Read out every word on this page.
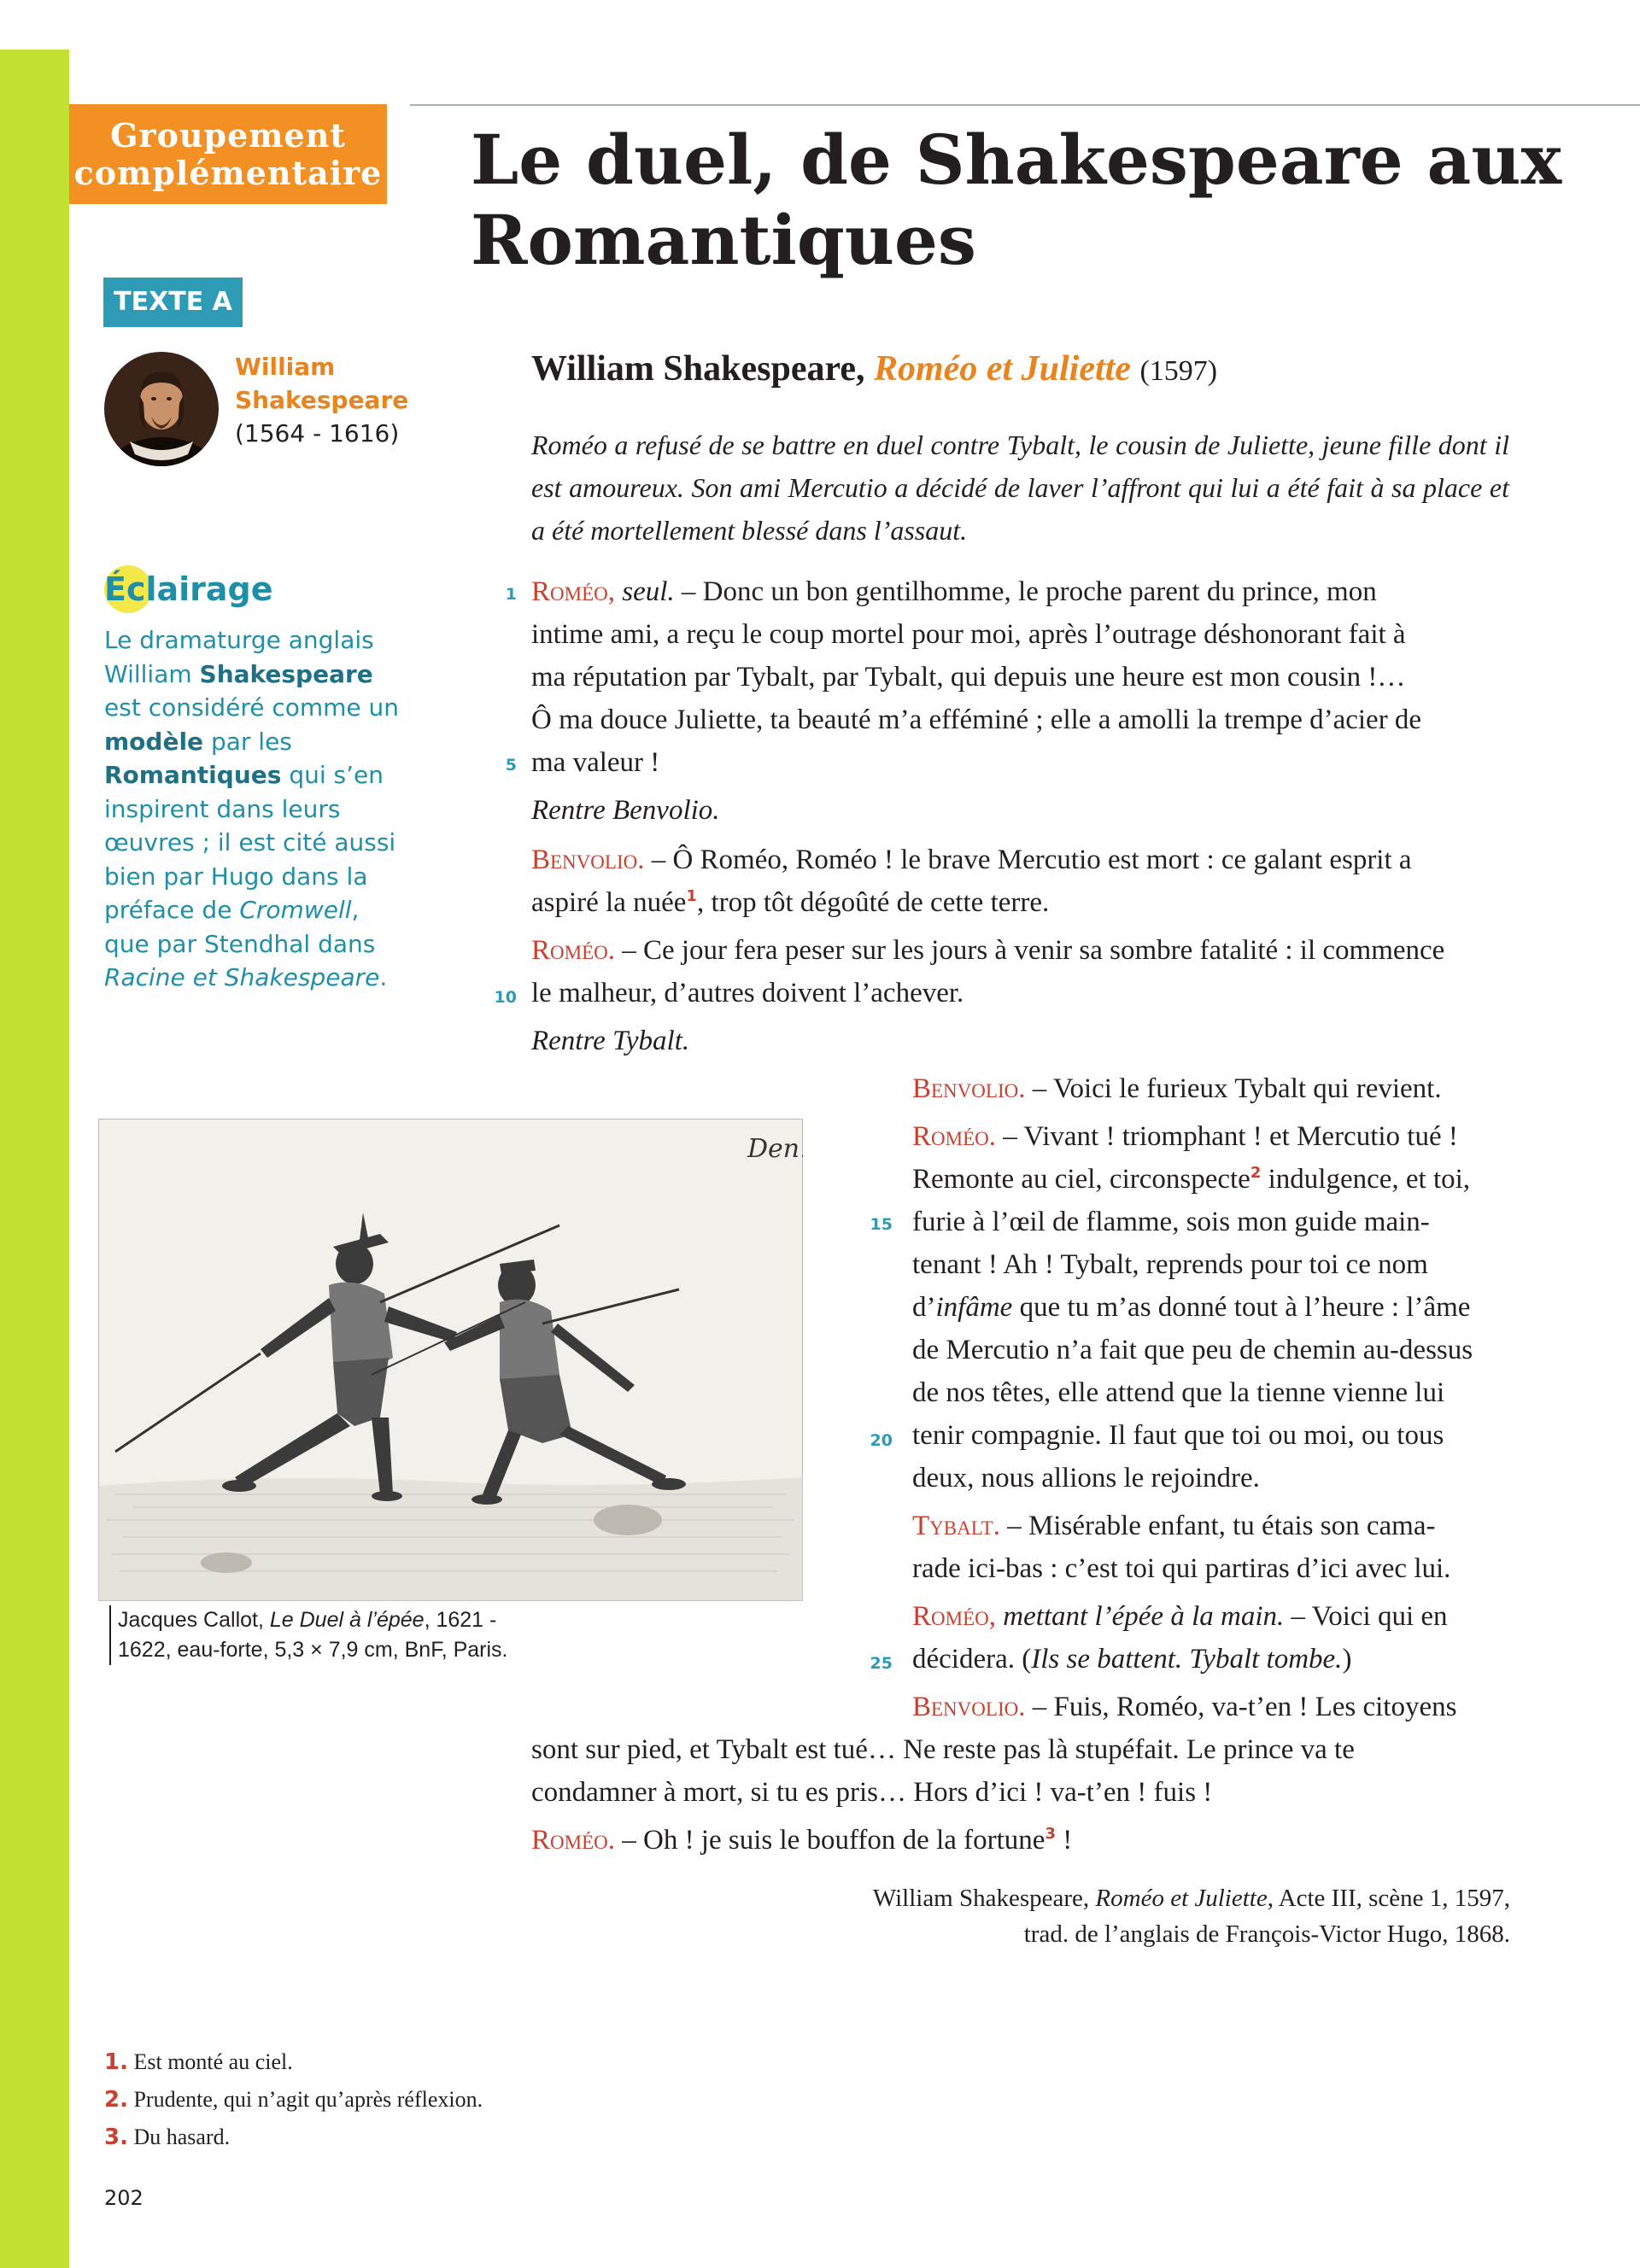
Groupement
complémentaire Le duel, de Shakespeare aux
Romantiques
TEXTE A
William
Shakespeare
(1564 - 1616)
Éclairage
Le dramaturge anglais William Shakespeare est considéré comme un modèle par les Romantiques qui s’en inspirent dans leurs œuvres ; il est cité aussi bien par Hugo dans la préface de Cromwell, que par Stendhal dans Racine et Shakespeare.
Den.
Jacques Callot, Le Duel à l’épée, 1621 - 1622, eau-forte, 5,3 × 7,9 cm, BnF, Paris.
William Shakespeare, Roméo et Juliette (1597)
Roméo a refusé de se battre en duel contre Tybalt, le cousin de Juliette, jeune fille dont il est amoureux. Son ami Mercutio a décidé de laver l’affront qui lui a été fait à sa place et a été mortellement blessé dans l’assaut.
1
5
10
15
20
25
Roméo, seul. – Donc un bon gentilhomme, le proche parent du prince, mon
intime ami, a reçu le coup mortel pour moi, après l’outrage déshonorant fait à
ma réputation par Tybalt, par Tybalt, qui depuis une heure est mon cousin !…
Ô ma douce Juliette, ta beauté m’a efféminé ; elle a amolli la trempe d’acier de
ma valeur !
Rentre Benvolio.
Benvolio. – Ô Roméo, Roméo ! le brave Mercutio est mort : ce galant esprit a
aspiré la nuée$^1$, trop tôt dégoûté de cette terre.
Roméo. – Ce jour fera peser sur les jours à venir sa sombre fatalité : il commence
le malheur, d’autres doivent l’achever.
Rentre Tybalt.
Benvolio. – Voici le furieux Tybalt qui revient.
Roméo. – Vivant ! triomphant ! et Mercutio tué !
Remonte au ciel, circonspecte$^2$ indulgence, et toi,
furie à l’œil de flamme, sois mon guide main-
tenant ! Ah ! Tybalt, reprends pour toi ce nom
d’infâme que tu m’as donné tout à l’heure : l’âme
de Mercutio n’a fait que peu de chemin au-dessus
de nos têtes, elle attend que la tienne vienne lui
tenir compagnie. Il faut que toi ou moi, ou tous
deux, nous allions le rejoindre.
Tybalt. – Misérable enfant, tu étais son cama-
rade ici-bas : c’est toi qui partiras d’ici avec lui.
Roméo, mettant l’épée à la main. – Voici qui en
décidera. (Ils se battent. Tybalt tombe.)
Benvolio. – Fuis, Roméo, va-t’en ! Les citoyens
sont sur pied, et Tybalt est tué… Ne reste pas là stupéfait. Le prince va te
condamner à mort, si tu es pris… Hors d’ici ! va-t’en ! fuis !
Roméo. – Oh ! je suis le bouffon de la fortune$^3$ !
William Shakespeare, Roméo et Juliette, Acte III, scène 1, 1597,
trad. de l’anglais de François-Victor Hugo, 1868.
1. Est monté au ciel.
2. Prudente, qui n’agit qu’après réflexion.
3. Du hasard.
202
